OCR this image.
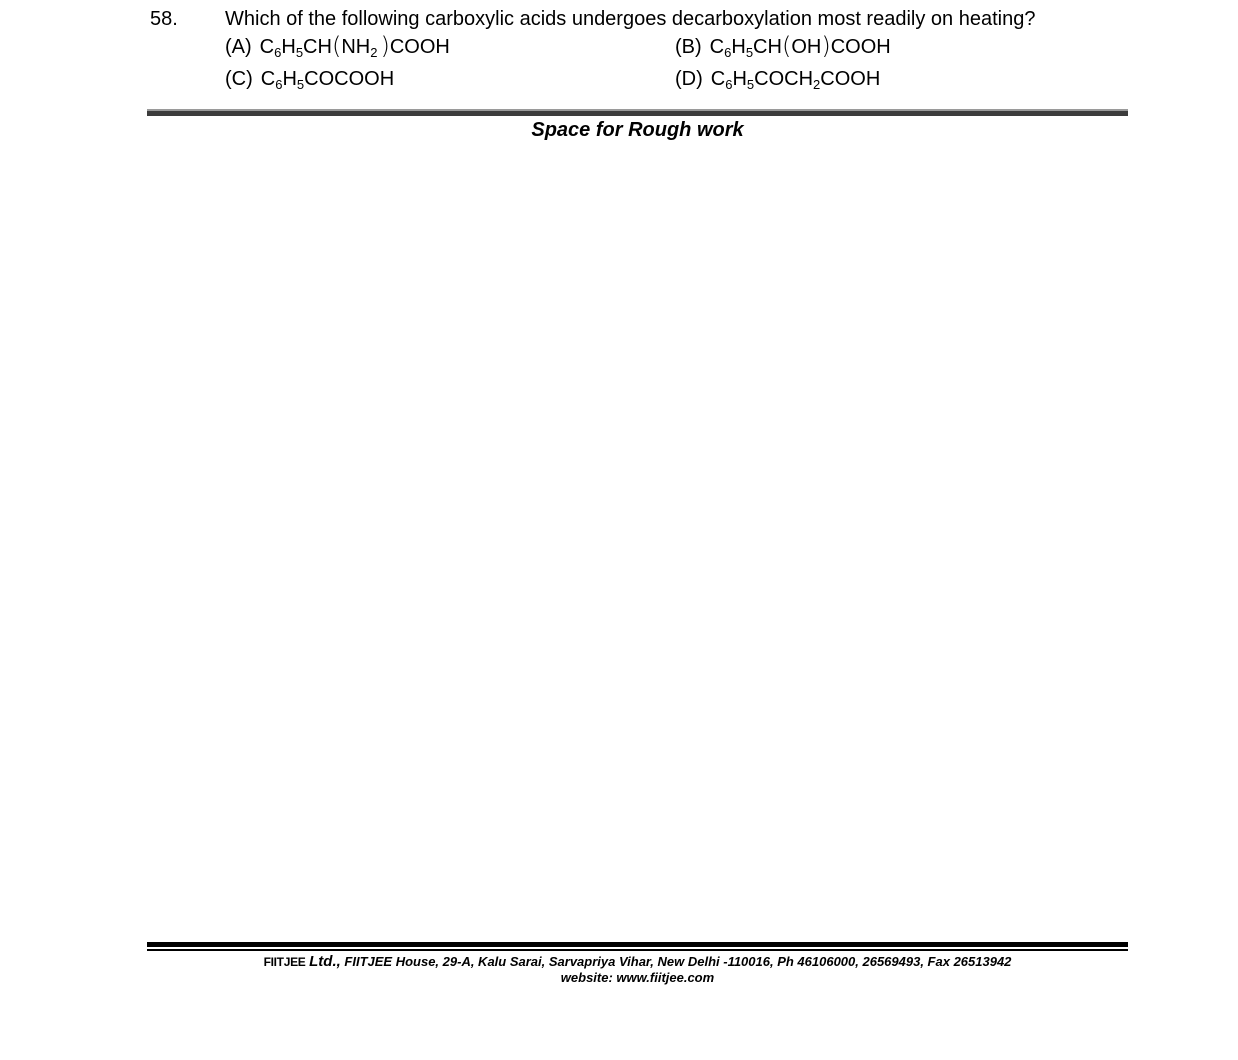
58. Which of the following carboxylic acids undergoes decarboxylation most readily on heating?
(A) $C_6H_5CH(NH_2$ )COOH	(B) $C_6H_5CH(OH)COOH$
(C) $C_6H_5COCOOH$	(D) $C_6H_5COCH_2COOH$
Space for Rough work
FIITJEE Ltd., FIITJEE House, 29-A, Kalu Sarai, Sarvapriya Vihar, New Delhi -110016, Ph 46106000, 26569493, Fax 26513942
website: www.fiitjee.com
